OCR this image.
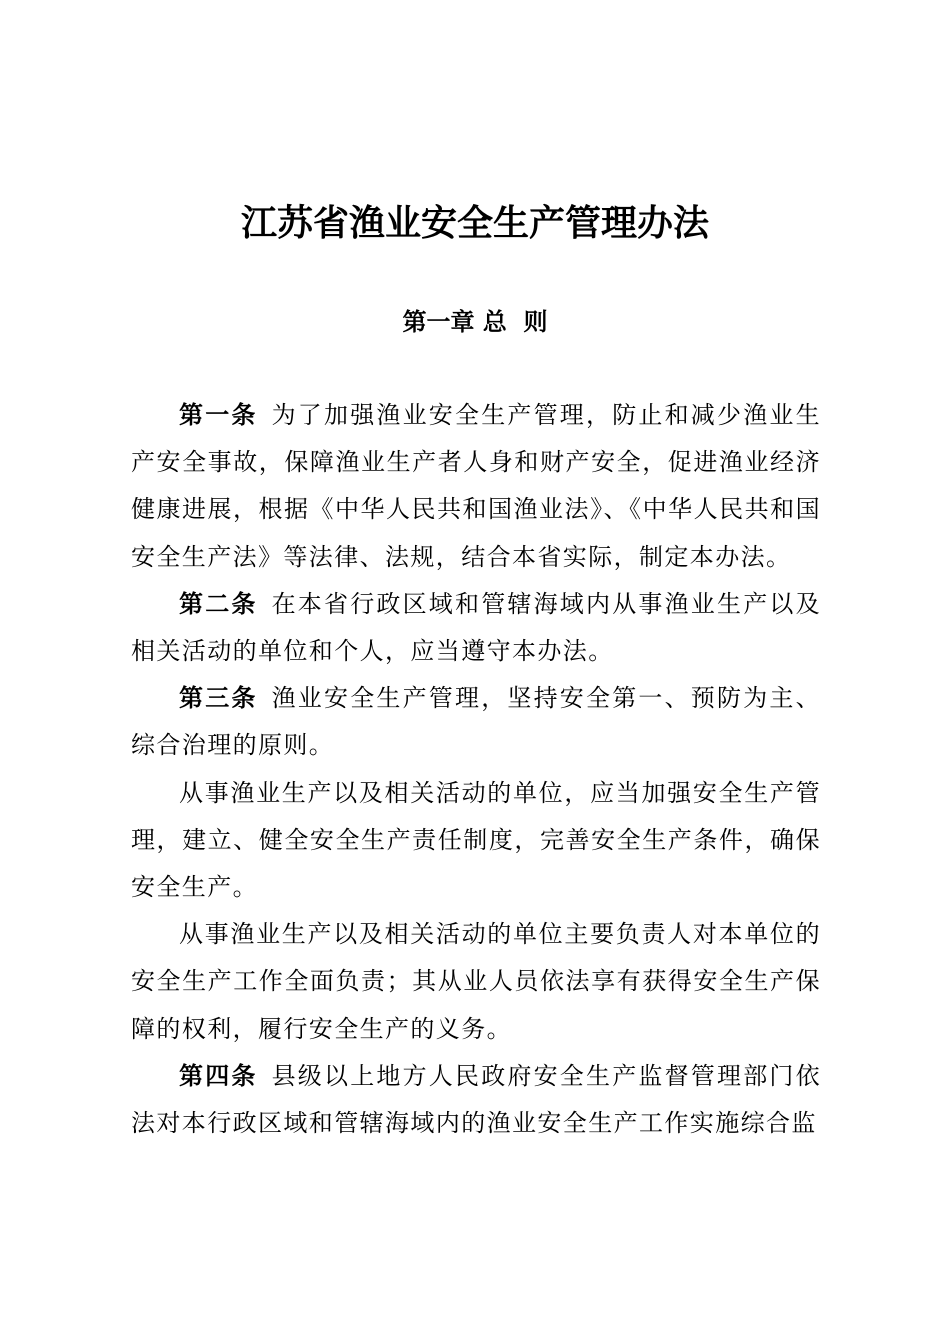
江苏省渔业安全生产管理办法
第一章 总  则

第一条 为了加强渔业安全生产管理，防止和减少渔业生产安全事故，保障渔业生产者人身和财产安全，促进渔业经济健康进展，根据《中华人民共和国渔业法》、《中华人民共和国安全生产法》等法律、法规，结合本省实际，制定本办法。

第二条 在本省行政区域和管辖海域内从事渔业生产以及相关活动的单位和个人，应当遵守本办法。

第三条 渔业安全生产管理，坚持安全第一、预防为主、综合治理的原则。

从事渔业生产以及相关活动的单位，应当加强安全生产管理，建立、健全安全生产责任制度，完善安全生产条件，确保安全生产。

从事渔业生产以及相关活动的单位主要负责人对本单位的安全生产工作全面负责；其从业人员依法享有获得安全生产保障的权利，履行安全生产的义务。

第四条 县级以上地方人民政府安全生产监督管理部门依法对本行政区域和管辖海域内的渔业安全生产工作实施综合监
